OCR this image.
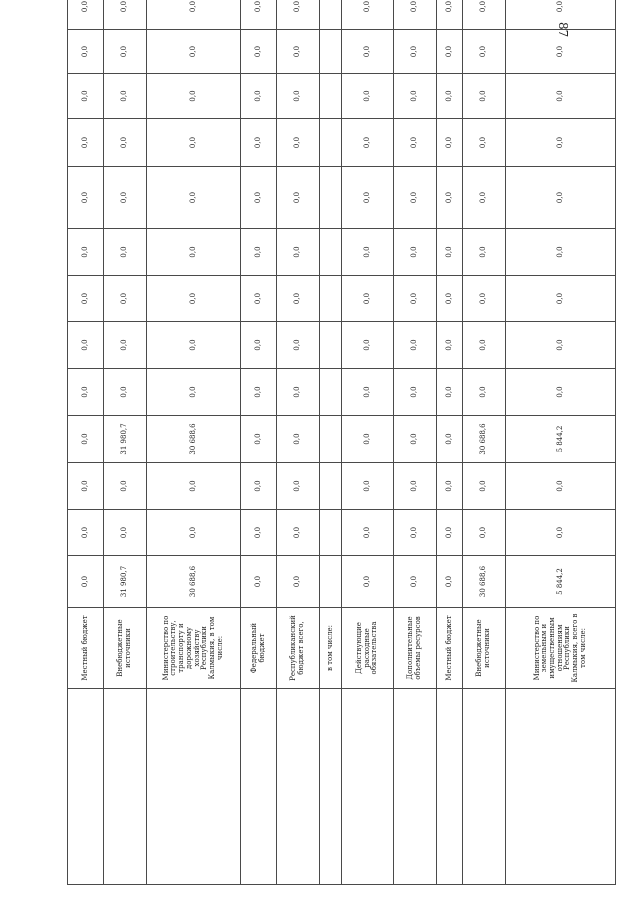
87
	Местный бюджет	0,0	0,0	0,0	0,0	0,0	0,0	0,0	0,0	0,0	0,0	0,0	0,0	0,0
	Внебюджетные источники	31 980,7	0,0	0,0	31 980,7	0,0	0,0	0,0	0,0	0,0	0,0	0,0	0,0	0,0
	Министерство по строительству, транспорту и дорожному хозяйству Республики Калмыкия, в том числе:	30 688,6	0,0	0,0	30 688,6	0,0	0,0	0,0	0,0	0,0	0,0	0,0	0,0	0,0
	Федеральный бюджет	0,0	0,0	0,0	0,0	0,0	0,0	0,0	0,0	0,0	0,0	0,0	0,0	0,0
	Республиканский бюджет всего,	0,0	0,0	0,0	0,0	0,0	0,0	0,0	0,0	0,0	0,0	0,0	0,0	0,0
	в том числе:													
	Действующие расходные обязательства	0,0	0,0	0,0	0,0	0,0	0,0	0,0	0,0	0,0	0,0	0,0	0,0	0,0
	Дополнительные объемы ресурсов	0,0	0,0	0,0	0,0	0,0	0,0	0,0	0,0	0,0	0,0	0,0	0,0	0,0
	Местный бюджет	0,0	0,0	0,0	0,0	0,0	0,0	0,0	0,0	0,0	0,0	0,0	0,0	0,0
	Внебюджетные источники	30 688,6	0,0	0,0	30 688,6	0,0	0,0	0,0	0,0	0,0	0,0	0,0	0,0	0,0
	Министерство по земельным и имущественным отношениям Республики Калмыкия, всего в том числе:	5 844,2	0,0	0,0	5 844,2	0,0	0,0	0,0	0,0	0,0	0,0	0,0	0,0	0,0
